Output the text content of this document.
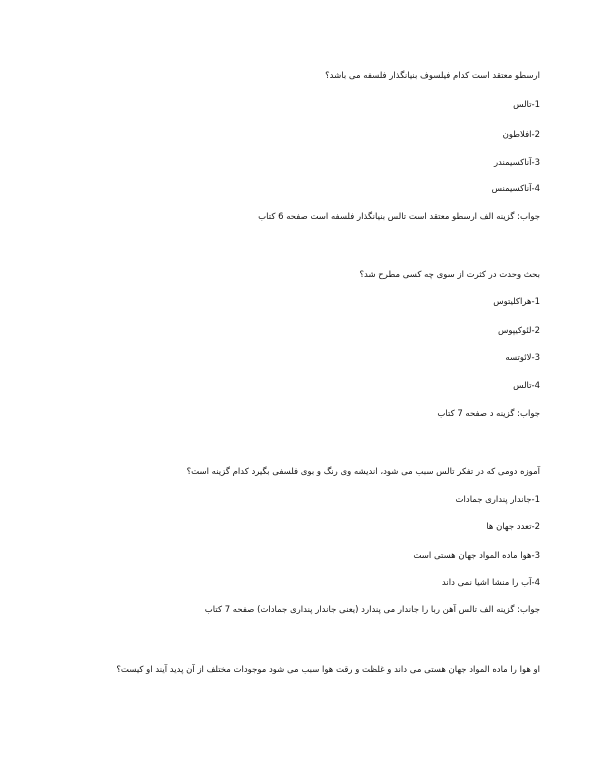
ارسطو معتقد است کدام فیلسوف بنیانگذار فلسفه می باشد؟
1-تالس
2-افلاطون
3-آناکسیمندر
4-آناکسیمنس
جواب: گزینه الف ارسطو معتقد است تالس بنیانگذار فلسفه است صفحه 6 کتاب
بحث وحدت در کثرت از سوی چه کسی مطرح شد؟
1-هراکلیتوس
2-لئوکیپوس
3-لائوتسه
4-تالس
جواب: گزینه د صفحه 7 کتاب
آموزه دومی که در تفکر تالس سبب می شود، اندیشه وی رنگ و بوی فلسفی بگیرد کدام گزینه است؟
1-جاندار پنداری جمادات
2-تعدد جهان ها
3-هوا ماده المواد جهان هستی است
4-آب را منشا اشیا نمی داند
جواب: گزینه الف تالس آهن ربا را جاندار می پندارد (یعنی جاندار پنداری جمادات) صفحه 7 کتاب
او هوا را ماده المواد جهان هستی می داند و غلظت و رقت هوا سبب می شود موجودات مختلف از آن پدید آیند او کیست؟
